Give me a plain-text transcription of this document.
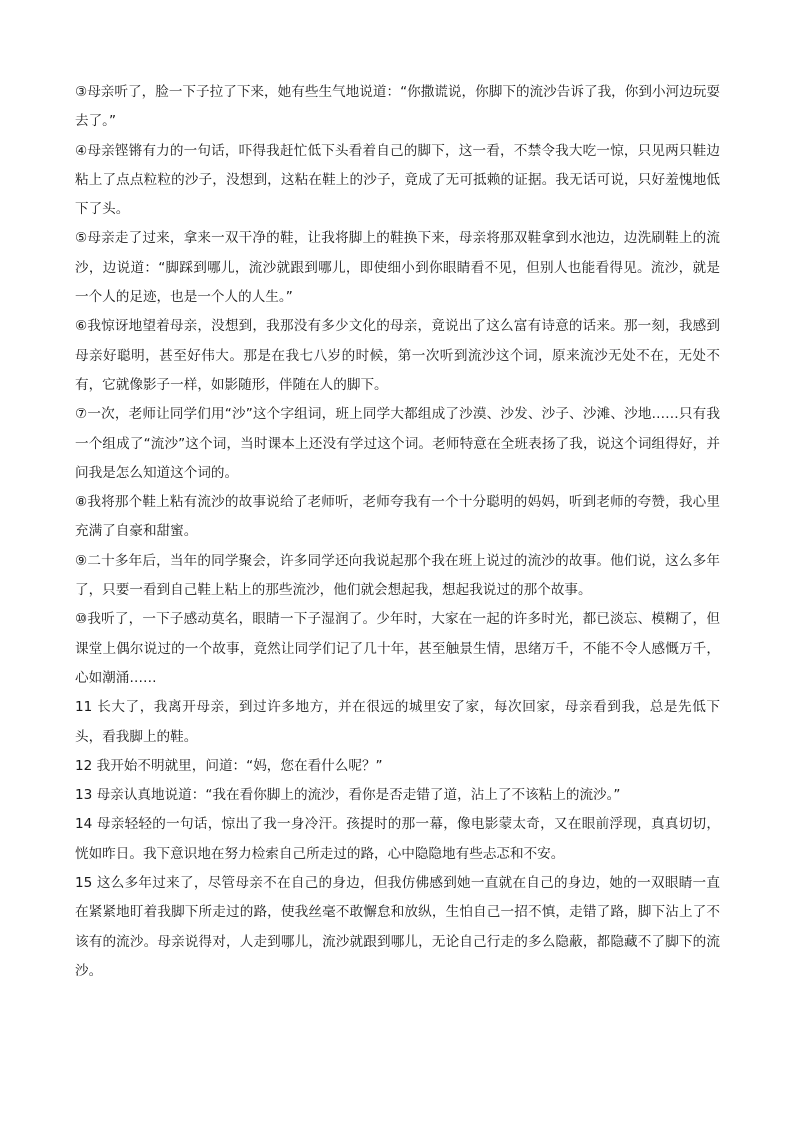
③母亲听了，脸一下子拉了下来，她有些生气地说道：“你撒谎说，你脚下的流沙告诉了我，你到小河边玩耍去了。”

④母亲铿锵有力的一句话，吓得我赶忙低下头看着自己的脚下，这一看，不禁令我大吃一惊，只见两只鞋边粘上了点点粒粒的沙子，没想到，这粘在鞋上的沙子，竟成了无可抵赖的证据。我无话可说，只好羞愧地低下了头。

⑤母亲走了过来，拿来一双干净的鞋，让我将脚上的鞋换下来，母亲将那双鞋拿到水池边，边洗刷鞋上的流沙，边说道：“脚踩到哪儿，流沙就跟到哪儿，即使细小到你眼睛看不见，但别人也能看得见。流沙，就是一个人的足迹，也是一个人的人生。”

⑥我惊讶地望着母亲，没想到，我那没有多少文化的母亲，竟说出了这么富有诗意的话来。那一刻，我感到母亲好聪明，甚至好伟大。那是在我七八岁的时候，第一次听到流沙这个词，原来流沙无处不在，无处不有，它就像影子一样，如影随形，伴随在人的脚下。

⑦一次，老师让同学们用“沙”这个字组词，班上同学大都组成了沙漠、沙发、沙子、沙滩、沙地……只有我一个组成了“流沙”这个词，当时课本上还没有学过这个词。老师特意在全班表扬了我，说这个词组得好，并问我是怎么知道这个词的。

⑧我将那个鞋上粘有流沙的故事说给了老师听，老师夸我有一个十分聪明的妈妈，听到老师的夸赞，我心里充满了自豪和甜蜜。

⑨二十多年后，当年的同学聚会，许多同学还向我说起那个我在班上说过的流沙的故事。他们说，这么多年了，只要一看到自己鞋上粘上的那些流沙，他们就会想起我，想起我说过的那个故事。

⑩我听了，一下子感动莫名，眼睛一下子湿润了。少年时，大家在一起的许多时光，都已淡忘、模糊了，但课堂上偶尔说过的一个故事，竟然让同学们记了几十年，甚至触景生情，思绪万千，不能不令人感慨万千，心如潮涌……

11 长大了，我离开母亲，到过许多地方，并在很远的城里安了家，每次回家，母亲看到我，总是先低下头，看我脚上的鞋。

12 我开始不明就里，问道：“妈，您在看什么呢？”

13 母亲认真地说道：“我在看你脚上的流沙，看你是否走错了道，沾上了不该粘上的流沙。”

14 母亲轻轻的一句话，惊出了我一身冷汗。孩提时的那一幕，像电影蒙太奇，又在眼前浮现，真真切切，恍如昨日。我下意识地在努力检索自己所走过的路，心中隐隐地有些忐忑和不安。

15 这么多年过来了，尽管母亲不在自己的身边，但我仿佛感到她一直就在自己的身边，她的一双眼睛一直在紧紧地盯着我脚下所走过的路，使我丝毫不敢懈怠和放纵，生怕自己一招不慎，走错了路，脚下沾上了不该有的流沙。母亲说得对，人走到哪儿，流沙就跟到哪儿，无论自己行走的多么隐蔽，都隐藏不了脚下的流沙。
